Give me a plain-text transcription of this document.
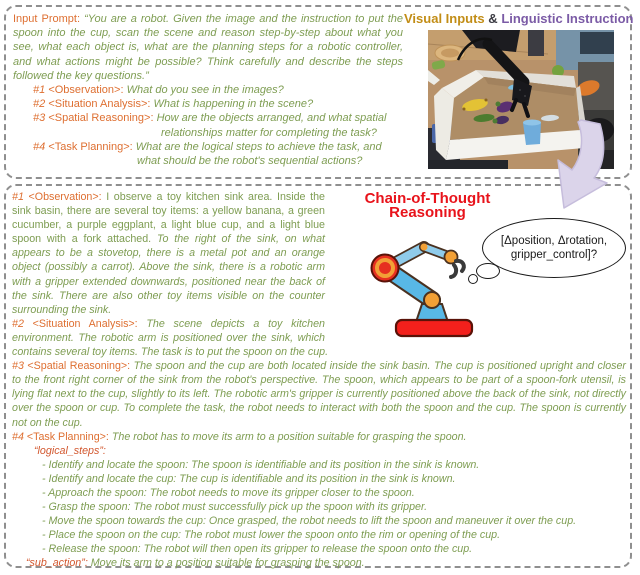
Input Prompt: “You are a robot. Given the image and the instruction to put the spoon into the cup, scan the scene and reason step-by-step about what you see, what each object is, what are the planning steps for a robotic controller, and what actions might be possible? Think carefully and describe the steps followed the key questions.”
#1 <Observation>: What do you see in the images?
#2 <Situation Analysis>: What is happening in the scene?
#3 <Spatial Reasoning>: How are the objects arranged, and what spatial relationships matter for completing the task?
#4 <Task Planning>: What are the logical steps to achieve the task, and what should be the robot's sequential actions?
Visual Inputs & Linguistic Instruction
Chain-of-Thought Reasoning
[Δposition, Δrotation,
gripper_control]?
#1 <Observation>: I observe a toy kitchen sink area. Inside the sink basin, there are several toy items: a yellow banana, a green cucumber, a purple eggplant, a light blue cup, and a light blue spoon with a fork attached. To the right of the sink, on what appears to be a stovetop, there is a metal pot and an orange object (possibly a carrot). Above the sink, there is a robotic arm with a gripper extended downwards, positioned near the back of the sink. There are also other toy items visible on the counter surrounding the sink.
#2 <Situation Analysis>: The scene depicts a toy kitchen environment. The robotic arm is positioned over the sink, which contains several toy items. The task is to put the spoon on the cup.
#3 <Spatial Reasoning>: The spoon and the cup are both located inside the sink basin. The cup is positioned upright and closer to the front right corner of the sink from the robot's perspective. The spoon, which appears to be part of a spoon-fork utensil, is lying flat next to the cup, slightly to its left. The robotic arm's gripper is currently positioned above the back of the sink, not directly over the spoon or cup. To complete the task, the robot needs to interact with both the spoon and the cup. The spoon is currently not on the cup.
#4 <Task Planning>: The robot has to move its arm to a position suitable for grasping the spoon.
“logical_steps”:
- Identify and locate the spoon: The spoon is identifiable and its position in the sink is known.
- Identify and locate the cup: The cup is identifiable and its position in the sink is known.
- Approach the spoon: The robot needs to move its gripper closer to the spoon.
- Grasp the spoon: The robot must successfully pick up the spoon with its gripper.
- Move the spoon towards the cup: Once grasped, the robot needs to lift the spoon and maneuver it over the cup.
- Place the spoon on the cup: The robot must lower the spoon onto the rim or opening of the cup.
- Release the spoon: The robot will then open its gripper to release the spoon onto the cup.
“sub_action”: Move its arm to a position suitable for grasping the spoon.
